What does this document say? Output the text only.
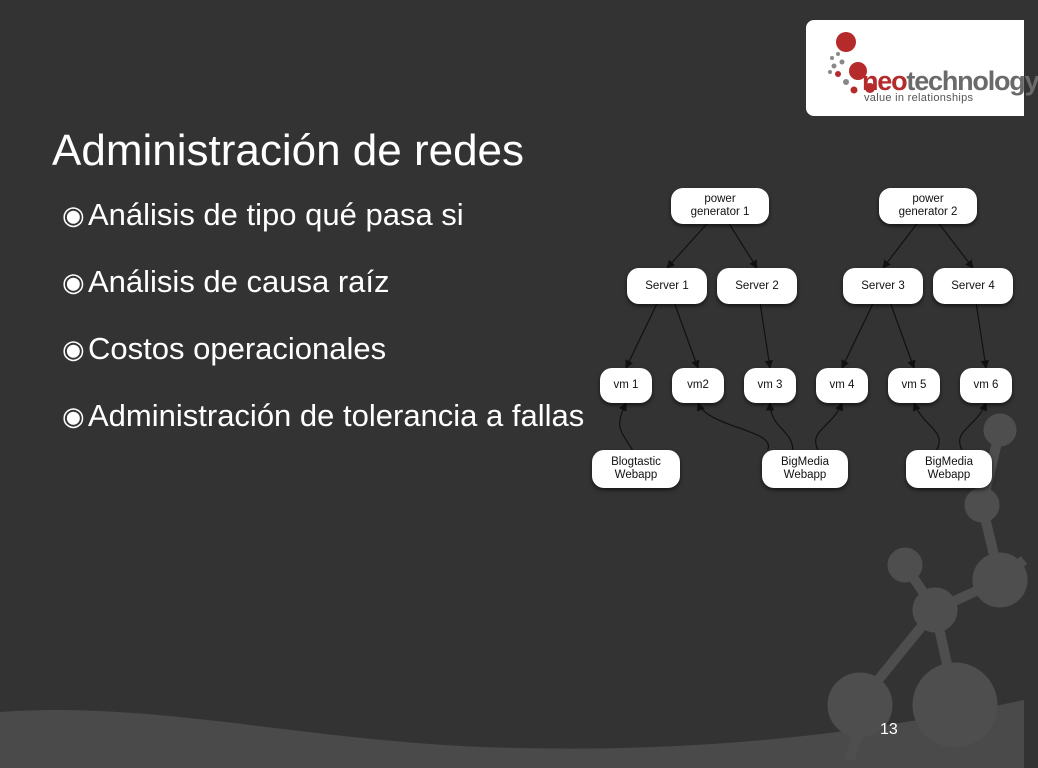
neotechnology
value in relationships
Administración de redes
◉ Análisis de tipo qué pasa si
◉ Análisis de causa raíz
◉ Costos operacionales
◉ Administración de tolerancia a fallas
power
generator 1
power
generator 2
Server 1	Server 2	Server 3	Server 4
vm 1	vm2	vm 3	vm 4	vm 5	vm 6
Blogtastic
Webapp
BigMedia
Webapp
BigMedia
Webapp
13
